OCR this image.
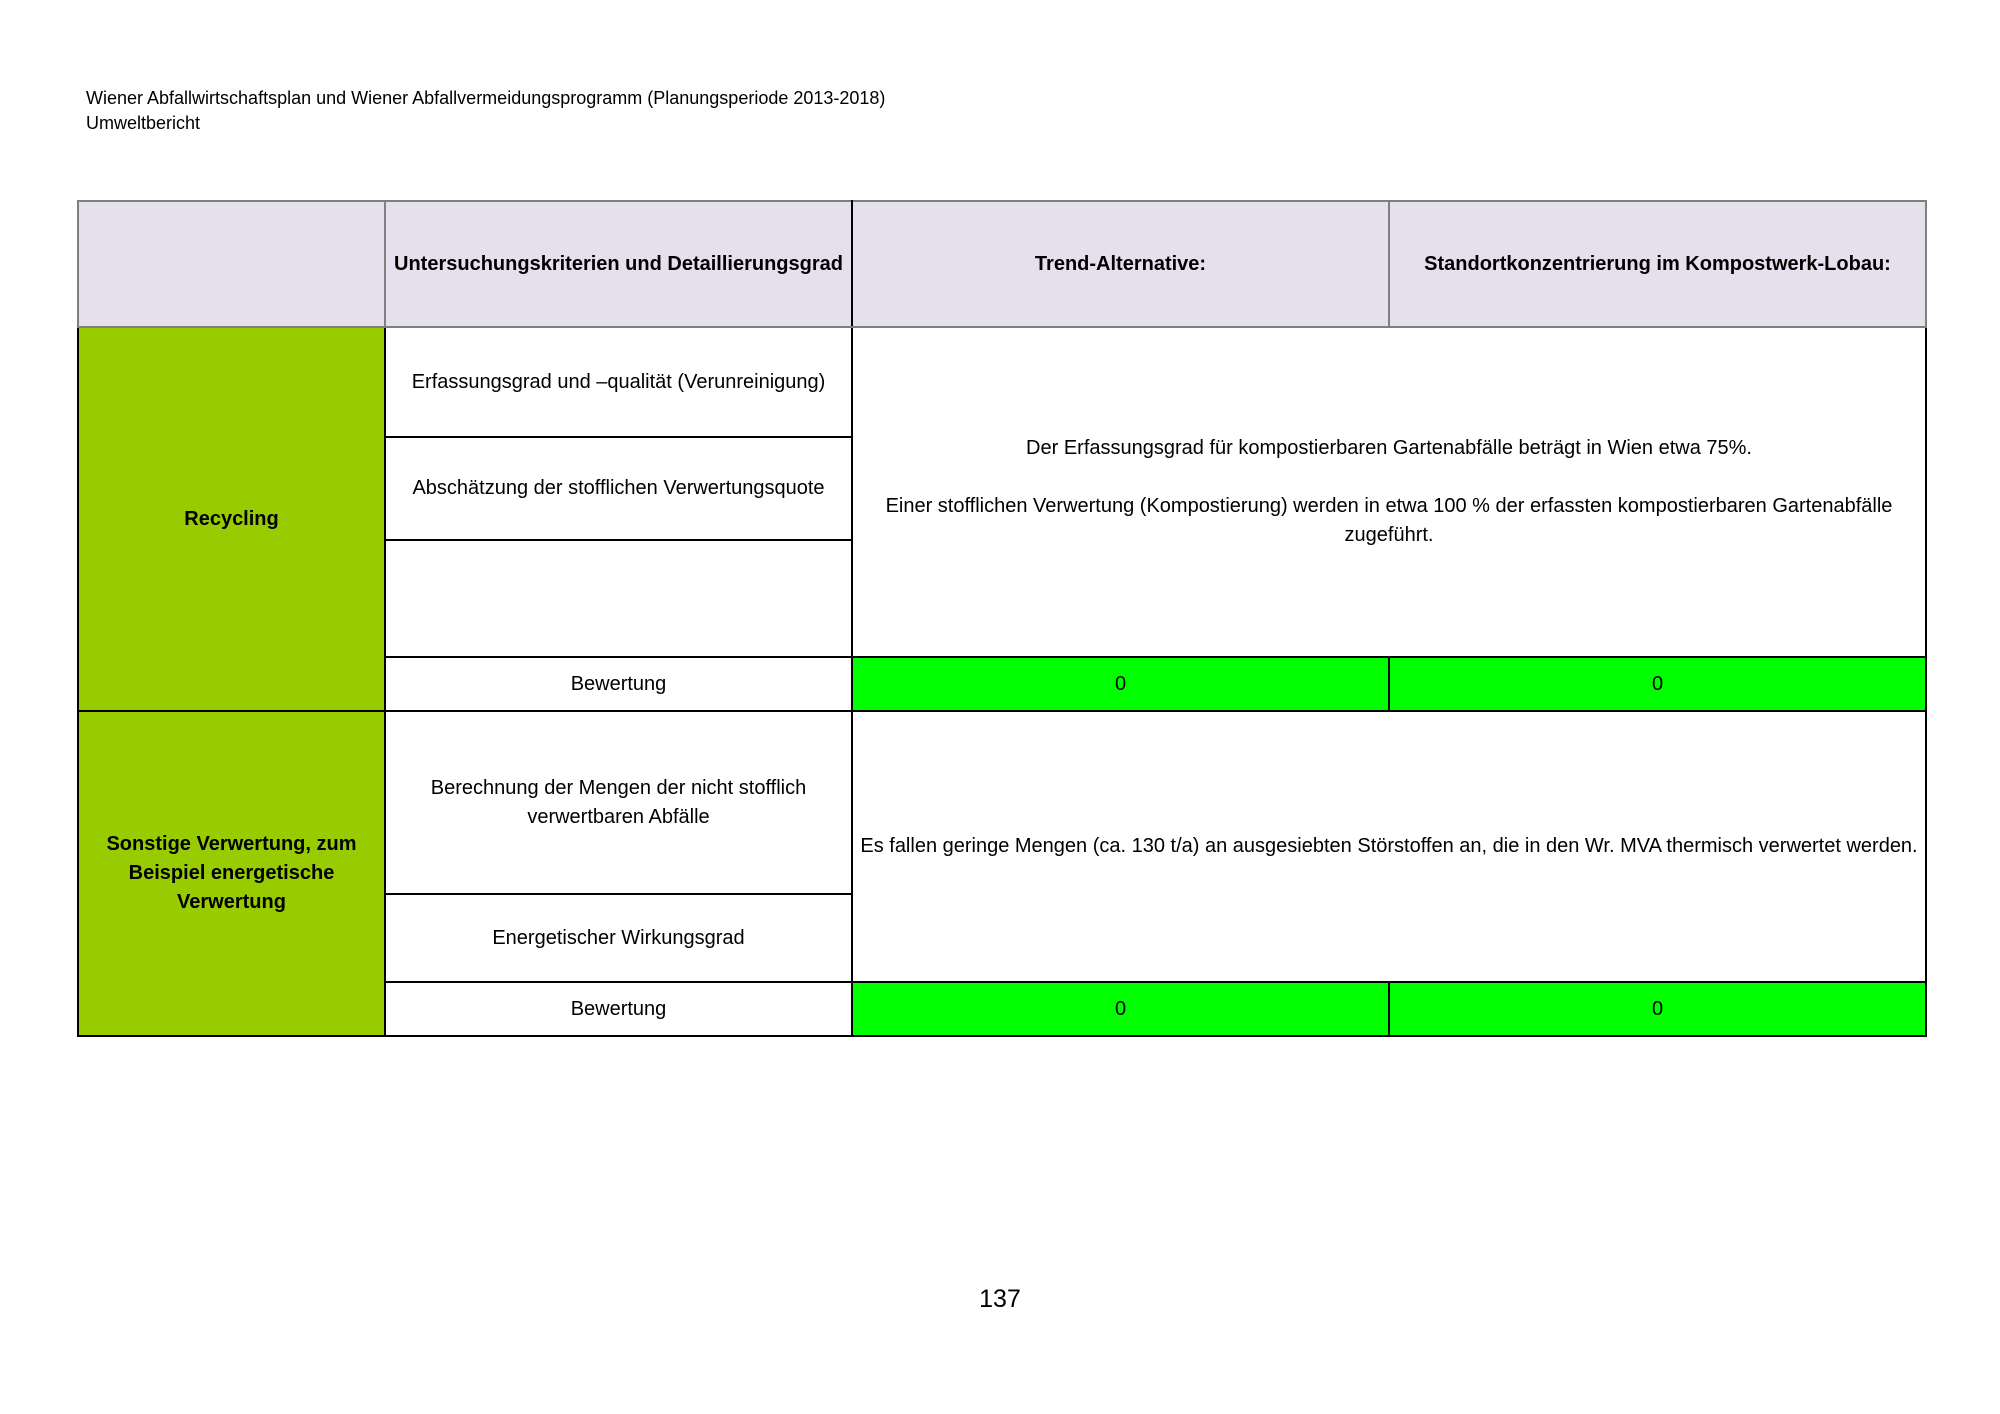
Wiener Abfallwirtschaftsplan und Wiener Abfallvermeidungsprogramm (Planungsperiode 2013-2018)
Umweltbericht
	Untersuchungskriterien und Detaillierungsgrad	Trend-Alternative:	Standortkonzentrierung im Kompostwerk-Lobau:
Recycling	Erfassungsgrad und –qualität (Verunreinigung)	Der Erfassungsgrad für kompostierbaren Gartenabfälle beträgt in Wien etwa 75%.

Einer stofflichen Verwertung (Kompostierung) werden in etwa 100 % der erfassten kompostierbaren Gartenabfälle zugeführt.	

	Abschätzung der stofflichen Verwertungsquote		

	Bewertung	0	0
Sonstige Verwertung, zum Beispiel energetische Verwertung	Berechnung der Mengen der nicht stofflich verwertbaren Abfälle	Es fallen geringe Mengen (ca. 130 t/a) an ausgesiebten Störstoffen an, die in den Wr. MVA thermisch verwertet werden.	
	Energetischer Wirkungsgrad		
	Bewertung	0	0
137
